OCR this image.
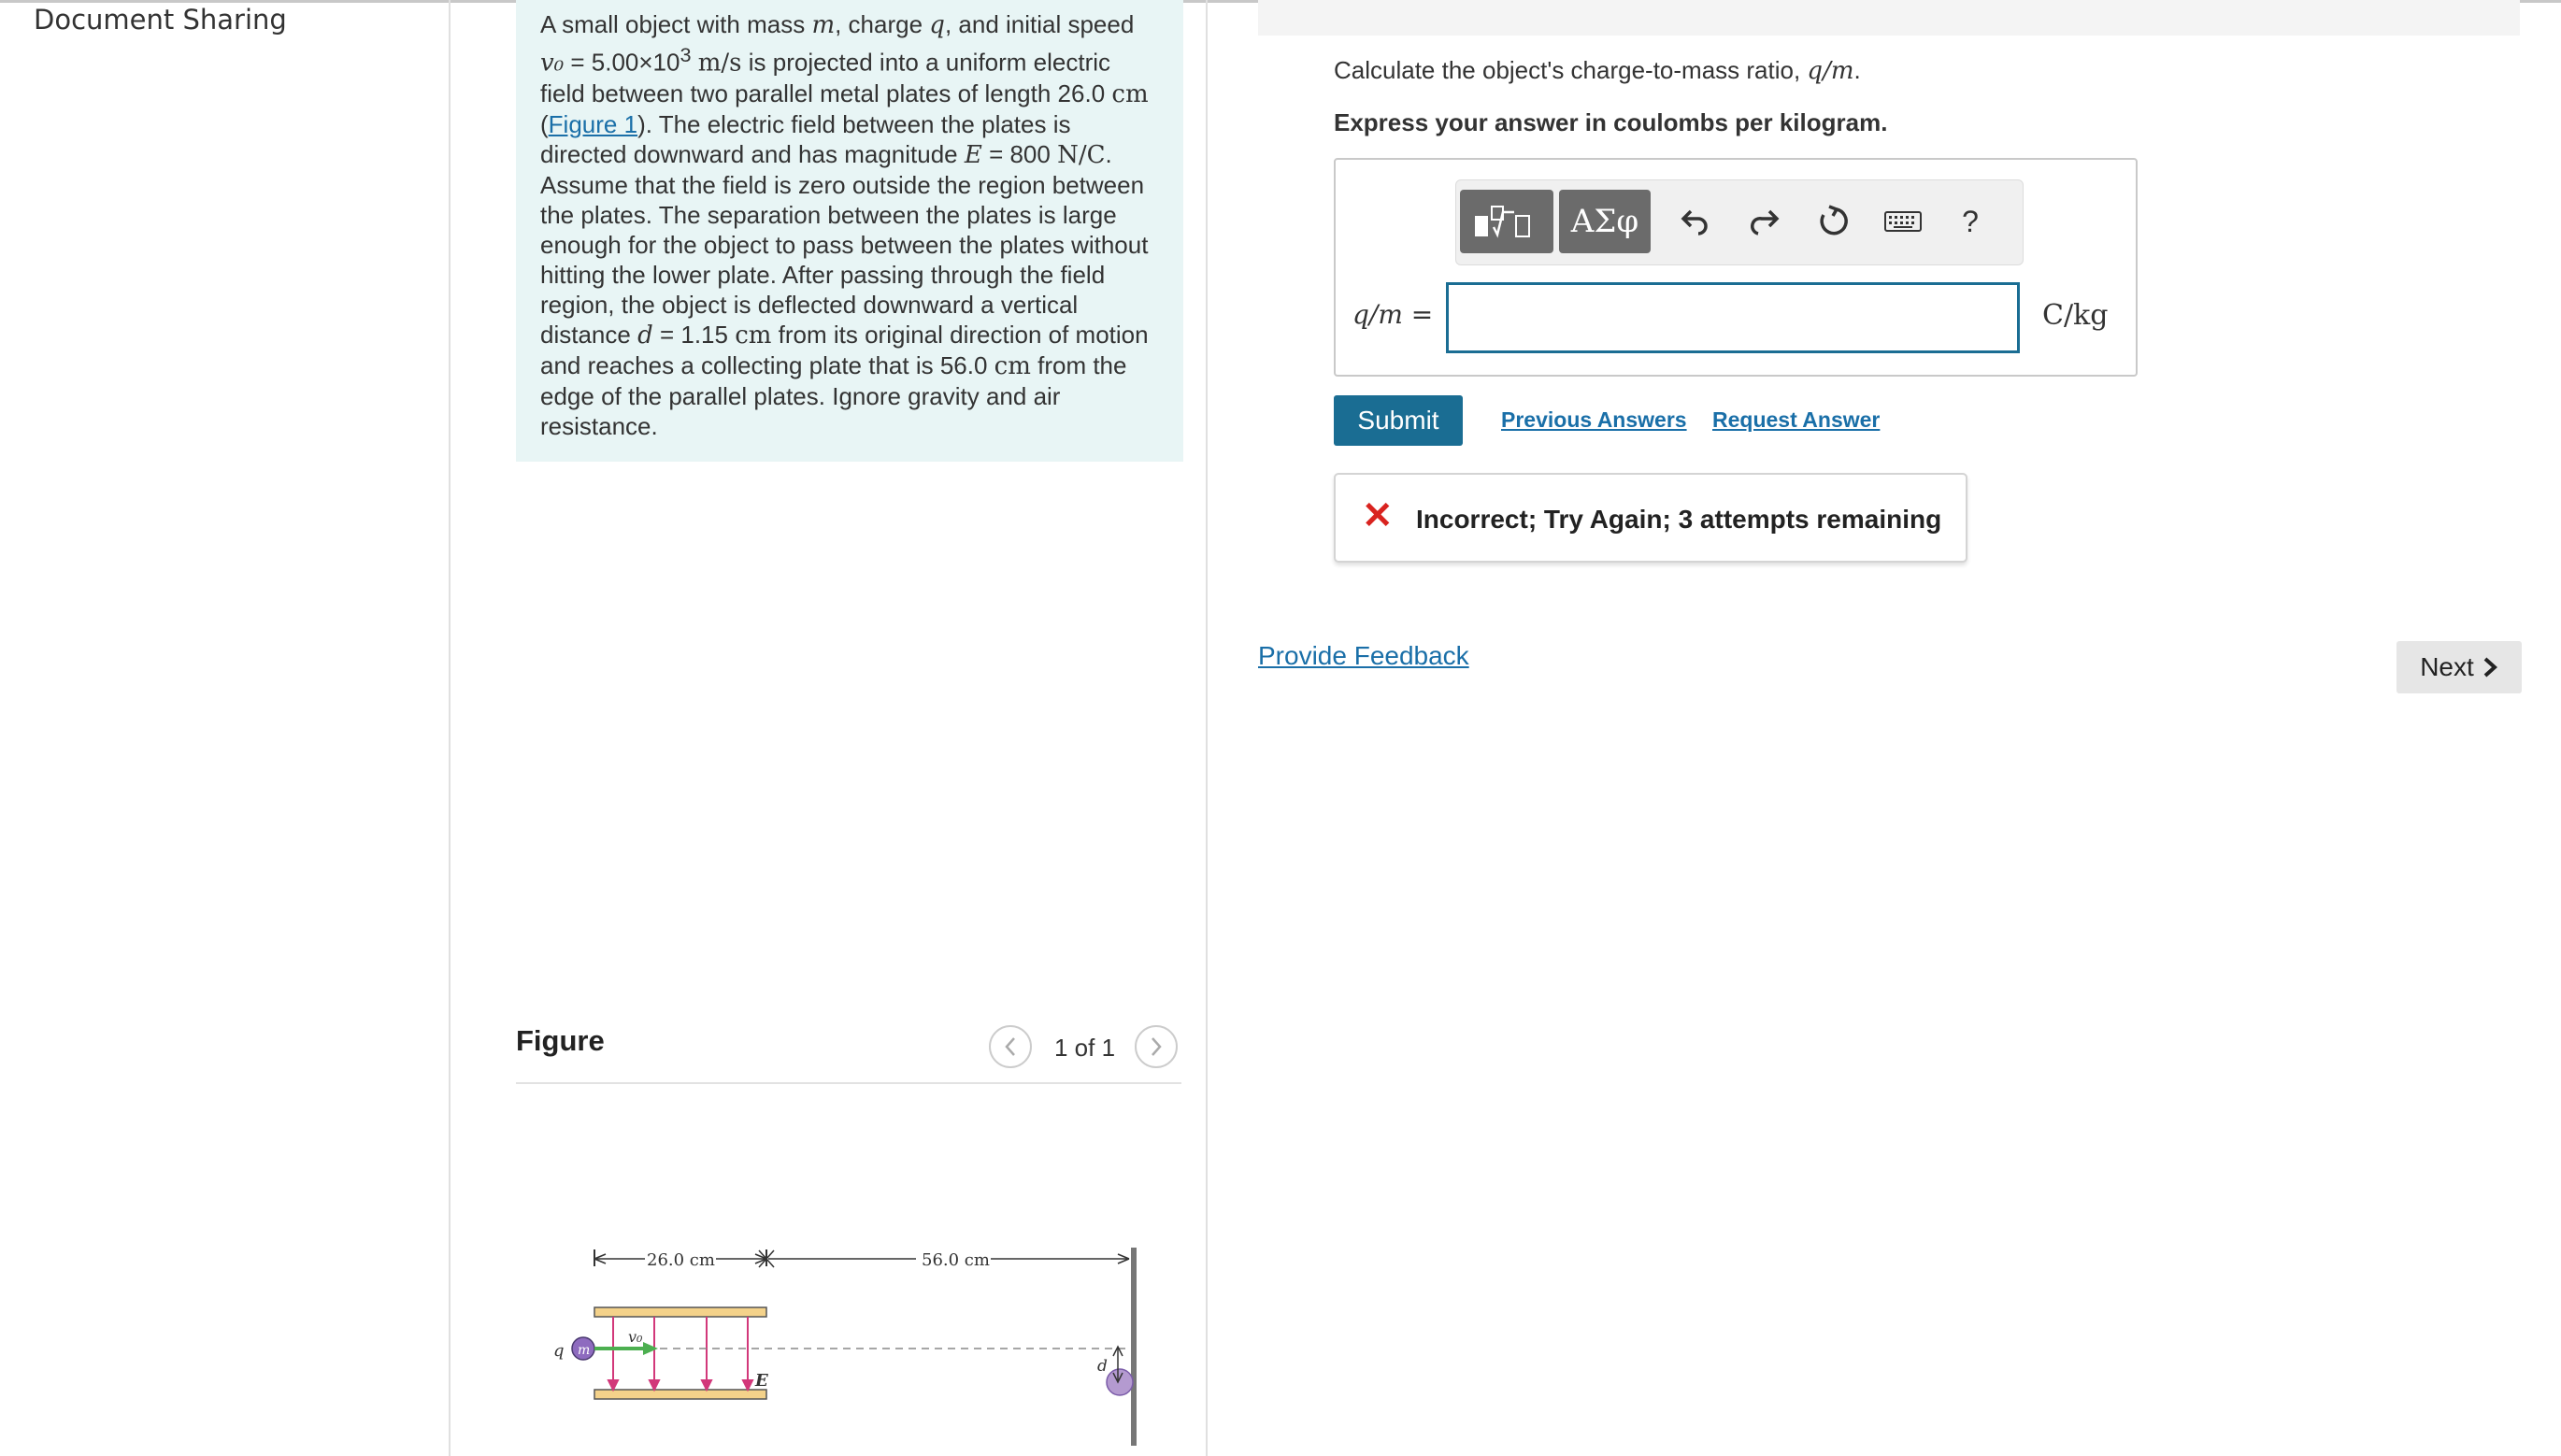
Document Sharing	A small object with mass m, charge q, and initial speed $v_0 = 5.00\times 10^3$ m/s is projected into a uniform electric field between two parallel metal plates of length 26.0 cm (Figure 1). The electric field between the plates is directed downward and has magnitude E = 800 N/C. Assume that the field is zero outside the region between the plates. The separation between the plates is large enough for the object to pass between the plates without hitting the lower plate. After passing through the field region, the object is deflected downward a vertical distance d = 1.15 cm from its original direction of motion and reaches a collecting plate that is 56.0 cm from the edge of the parallel plates. Ignore gravity and air resistance.

Calculate the object's charge-to-mass ratio, q/m.
Express your answer in coulombs per kilogram.
ΑΣφ	?
q/m =	C/kg
Submit	Previous Answers Request Answer
✕ Incorrect; Try Again; 3 attempts remaining
Provide Feedback	Next
Figure	1 of 1
26.0 cm	56.0 cm
E
v₀
q m
d
